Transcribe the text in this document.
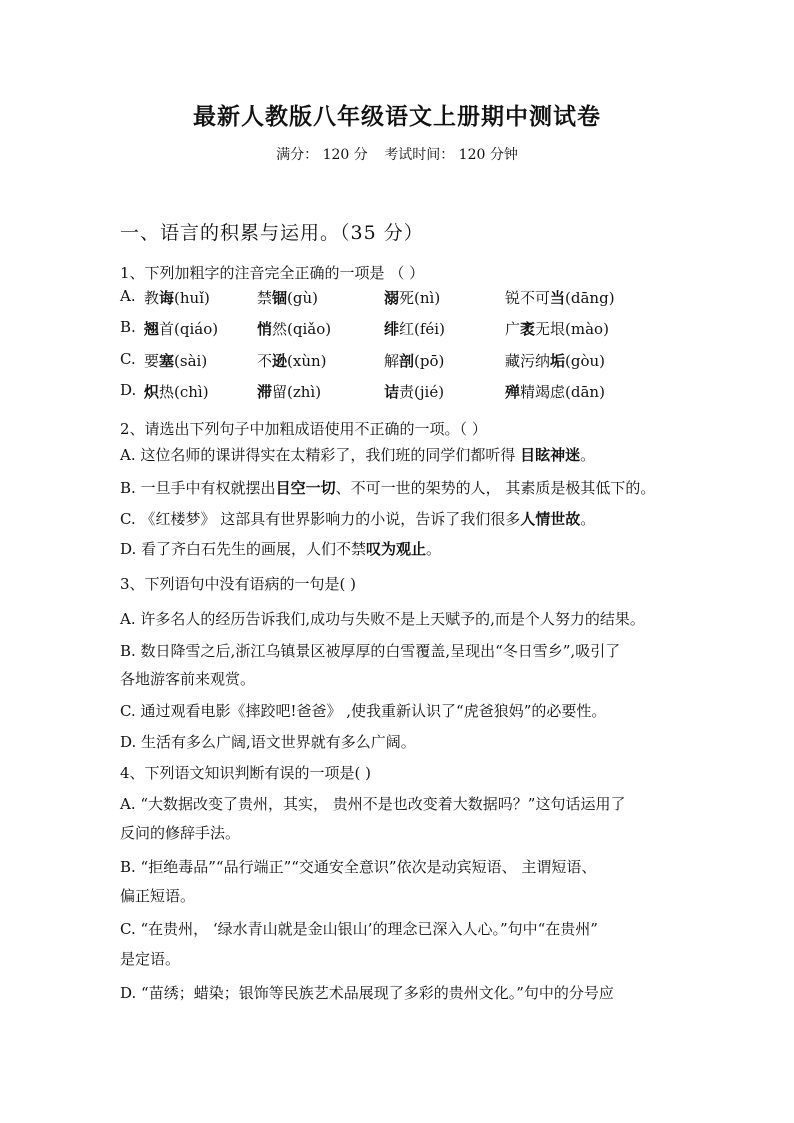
最新人教版八年级语文上册期中测试卷
满分： 120 分 考试时间： 120 分钟
一、语言的积累与运用。（35 分）
1、下列加粗字的注音完全正确的一项是 （ ）
A. 教诲(huǐ)	禁锢(gù)	溺死(nì)	锐不可当(dāng)
B. 翘首(qiáo)	悄然(qiǎo)	绯红(féi)	广袤无垠(mào)
C. 要塞(sài)	不逊(xùn)	解剖(pō)	藏污纳垢(gòu)
D. 炽热(chì)	滞留(zhì)	诘责(jié)	殚精竭虑(dān)
2、请选出下列句子中加粗成语使用不正确的一项。（ ）
A. 这位名师的课讲得实在太精彩了，我们班的同学们都听得 目眩神迷。
B. 一旦手中有权就摆出目空一切、不可一世的架势的人， 其素质是极其低下的。
C. 《红楼梦》 这部具有世界影响力的小说，告诉了我们很多人情世故。
D. 看了齐白石先生的画展，人们不禁叹为观止。
3、下列语句中没有语病的一句是( )
A. 许多名人的经历告诉我们,成功与失败不是上天赋予的,而是个人努力的结果。
B. 数日降雪之后,浙江乌镇景区被厚厚的白雪覆盖,呈现出“冬日雪乡”,吸引了
各地游客前来观赏。
C. 通过观看电影《摔跤吧!爸爸》 ,使我重新认识了“虎爸狼妈”的必要性。
D. 生活有多么广阔,语文世界就有多么广阔。
4、下列语文知识判断有误的一项是( )
A. “大数据改变了贵州，其实， 贵州不是也改变着大数据吗？”这句话运用了
反问的修辞手法。
B. “拒绝毒品”“品行端正”“交通安全意识”依次是动宾短语、 主谓短语、
偏正短语。
C. “在贵州， ‘绿水青山就是金山银山’的理念已深入人心。”句中“在贵州”
是定语。
D. “苗绣；蜡染；银饰等民族艺术品展现了多彩的贵州文化。”句中的分号应
